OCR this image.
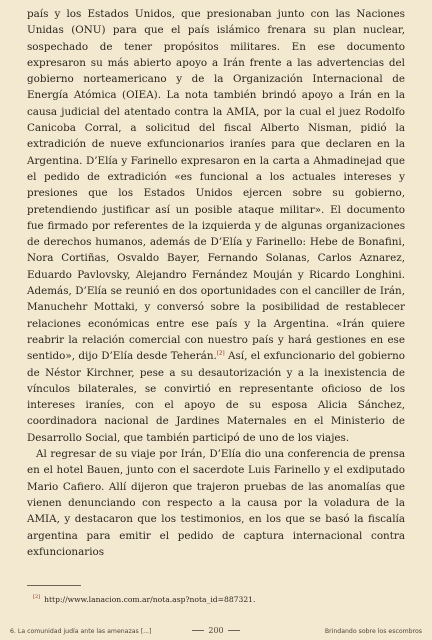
país y los Estados Unidos, que presionaban junto con las Naciones Unidas (ONU) para que el país islámico frenara su plan nuclear, sospechado de tener propósitos militares. En ese documento expresaron su más abierto apoyo a Irán frente a las advertencias del gobierno norteamericano y de la Organización Internacional de Energía Atómica (OIEA). La nota también brindó apoyo a Irán en la causa judicial del atentado contra la AMIA, por la cual el juez Rodolfo Canicoba Corral, a solicitud del fiscal Alberto Nisman, pidió la extradición de nueve exfuncionarios iraníes para que declaren en la Argentina. D’Elía y Farinello expresaron en la carta a Ahmadinejad que el pedido de extradición «es funcional a los actuales intereses y presiones que los Estados Unidos ejercen sobre su gobierno, pretendiendo justificar así un posible ataque militar». El documento fue firmado por referentes de la izquierda y de algunas organizaciones de derechos humanos, además de D’Elía y Farinello: Hebe de Bonafini, Nora Cortiñas, Osvaldo Bayer, Fernando Solanas, Carlos Aznarez, Eduardo Pavlovsky, Alejandro Fernández Mouján y Ricardo Longhini. Además, D’Elía se reunió en dos oportunidades con el canciller de Irán, Manuchehr Mottaki, y conversó sobre la posibilidad de restablecer relaciones económicas entre ese país y la Argentina. «Irán quiere reabrir la relación comercial con nuestro país y hará gestiones en ese sentido», dijo D’Elía desde Teherán.[2] Así, el exfuncionario del gobierno de Néstor Kirchner, pese a su desautorización y a la inexistencia de vínculos bilaterales, se convirtió en representante oficioso de los intereses iraníes, con el apoyo de su esposa Alicia Sánchez, coordinadora nacional de Jardines Maternales en el Ministerio de Desarrollo Social, que también participó de uno de los viajes.

Al regresar de su viaje por Irán, D’Elía dio una conferencia de prensa en el hotel Bauen, junto con el sacerdote Luis Farinello y el exdiputado Mario Cafiero. Allí dijeron que trajeron pruebas de las anomalías que vienen denunciando con respecto a la causa por la voladura de la AMIA, y destacaron que los testimonios, en los que se basó la fiscalía argentina para emitir el pedido de captura internacional contra exfuncionarios

[2] http://www.lanacion.com.ar/nota.asp?nota_id=887321.
6. La comunidad judía ante las amenazas [...]	200	Brindando sobre los escombros
